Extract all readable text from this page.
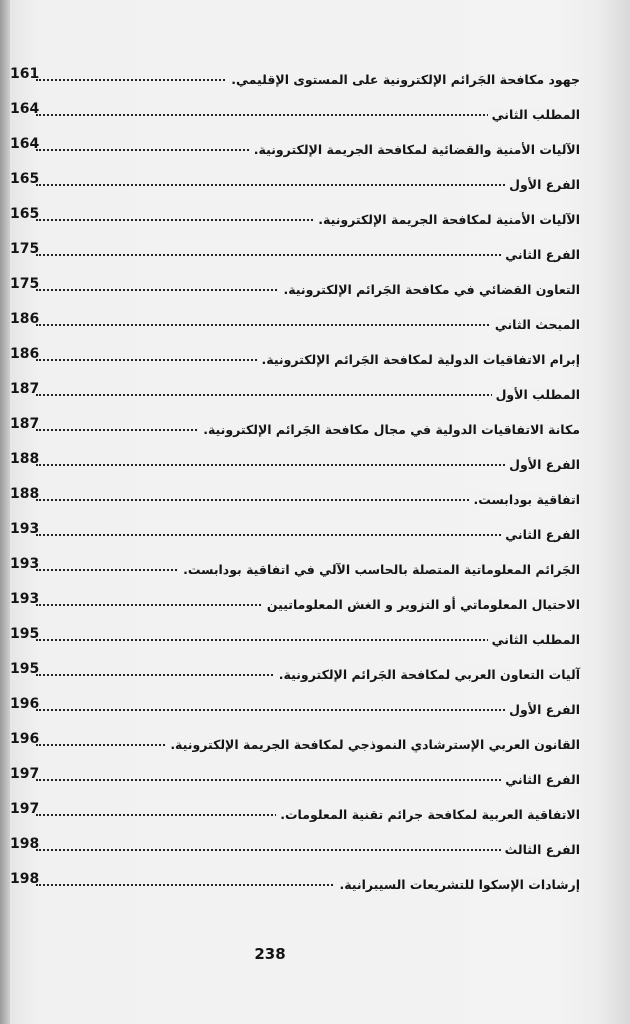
161	جهود مكافحة الجَرائم الإلكترونية على المستوى الإقليمي.
164	المطلب الثاني
164	الآليات الأمنية والقضائية لمكافحة الجريمة الإلكترونية.
165	الفرع الأول
165	الآليات الأمنية لمكافحة الجريمة الإلكترونية.
175	الفرع الثاني
175	التعاون القضائي في مكافحة الجَرائم الإلكترونية.
186	المبحث الثاني
186	إبرام الاتفاقيات الدولية لمكافحة الجَرائم الإلكترونية.
187	المطلب الأول
187	مكانة الاتفاقيات الدولية في مجال مكافحة الجَرائم الإلكترونية.
188	الفرع الأول
188	اتفاقية بودابست.
193	الفرع الثاني
193	الجَرائم المعلوماتية المتصلة بالحاسب الآلي في اتفاقية بودابست.
193	الاحتيال المعلوماتي أو التزوير و الغش المعلوماتيين
195	المطلب الثاني
195	آليات التعاون العربي لمكافحة الجَرائم الإلكترونية.
196	الفرع الأول
196	القانون العربي الإسترشادي النموذجي لمكافحة الجريمة الإلكترونية.
197	الفرع الثاني
197	الاتفاقية العربية لمكافحة جرائم تقنية المعلومات.
198	الفرع الثالث
198	إرشادات الإسكوا للتشريعات السيبرانية.
238
